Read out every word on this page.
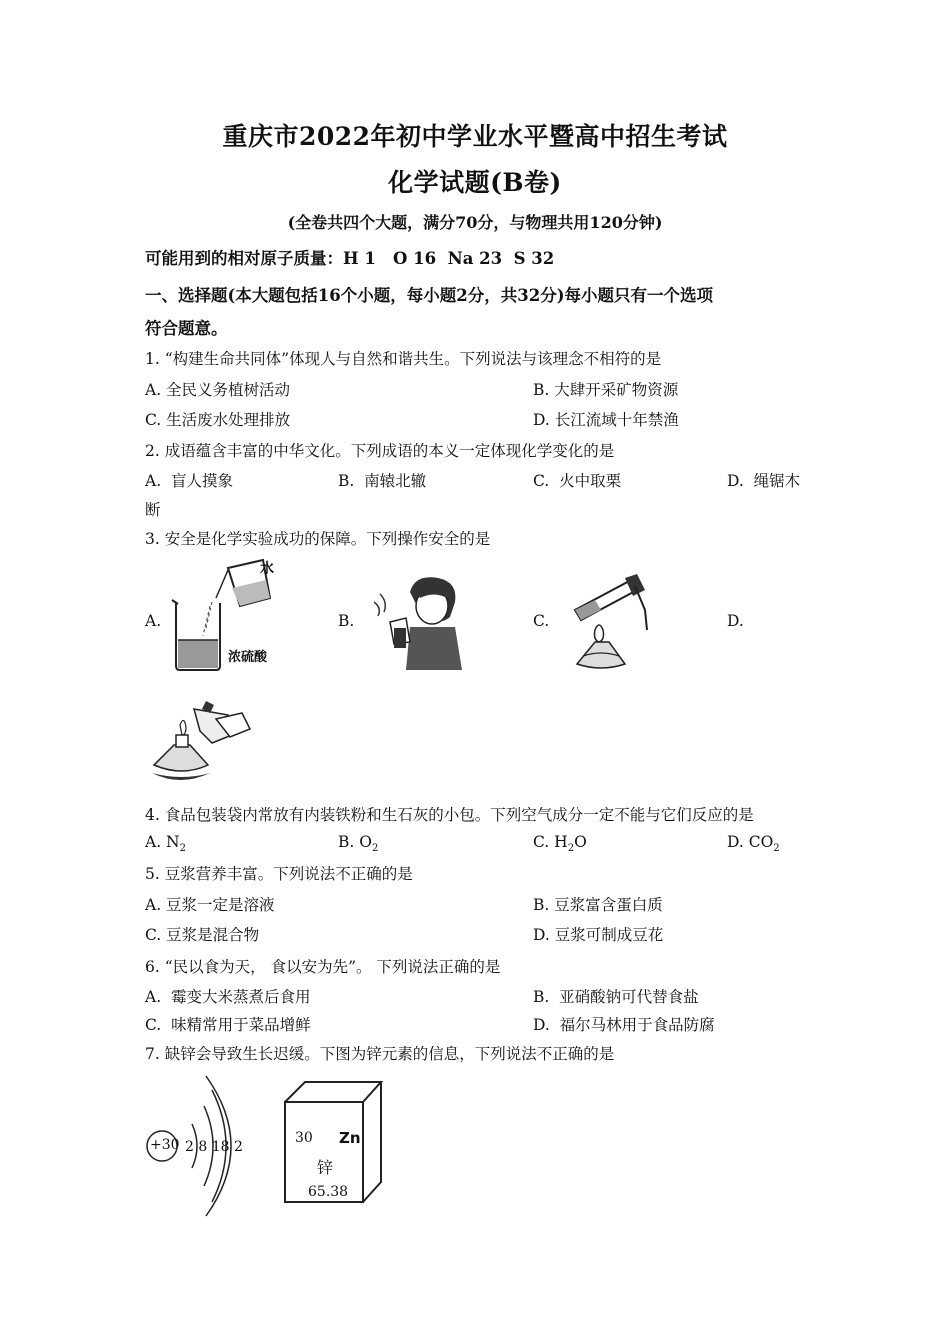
重庆市2022年初中学业水平暨高中招生考试
化学试题(B卷)
(全卷共四个大题，满分70分，与物理共用120分钟)
可能用到的相对原子质量：H 1   O 16  Na 23  S 32
一、选择题(本大题包括16个小题，每小题2分，共32分)每小题只有一个选项
符合题意。
1. “构建生命共同体”体现人与自然和谐共生。下列说法与该理念不相符的是
A. 全民义务植树活动	B. 大肆开采矿物资源
C. 生活废水处理排放	D. 长江流域十年禁渔
2. 成语蕴含丰富的中华文化。下列成语的本义一定体现化学变化的是
A.  盲人摸象	B.  南辕北辙	C.  火中取栗	D.  绳锯木
断
3. 安全是化学实验成功的保障。下列操作安全的是
A.	B.	C.	D.
水
浓硫酸
4. 食品包装袋内常放有内装铁粉和生石灰的小包。下列空气成分一定不能与它们反应的是
A. $N_2$	B. $O_2$	C. $H_2O$	D. $CO_2$
5. 豆浆营养丰富。下列说法不正确的是
A. 豆浆一定是溶液	B. 豆浆富含蛋白质
C. 豆浆是混合物	D. 豆浆可制成豆花
6. “民以食为天， 食以安为先”。 下列说法正确的是
A.  霉变大米蒸煮后食用	B.  亚硝酸钠可代替食盐
C.  味精常用于菜品增鲜	D.  福尔马林用于食品防腐
7. 缺锌会导致生长迟缓。下图为锌元素的信息，下列说法不正确的是
+30 2 8 18 2
30 Zn
锌
65.38
